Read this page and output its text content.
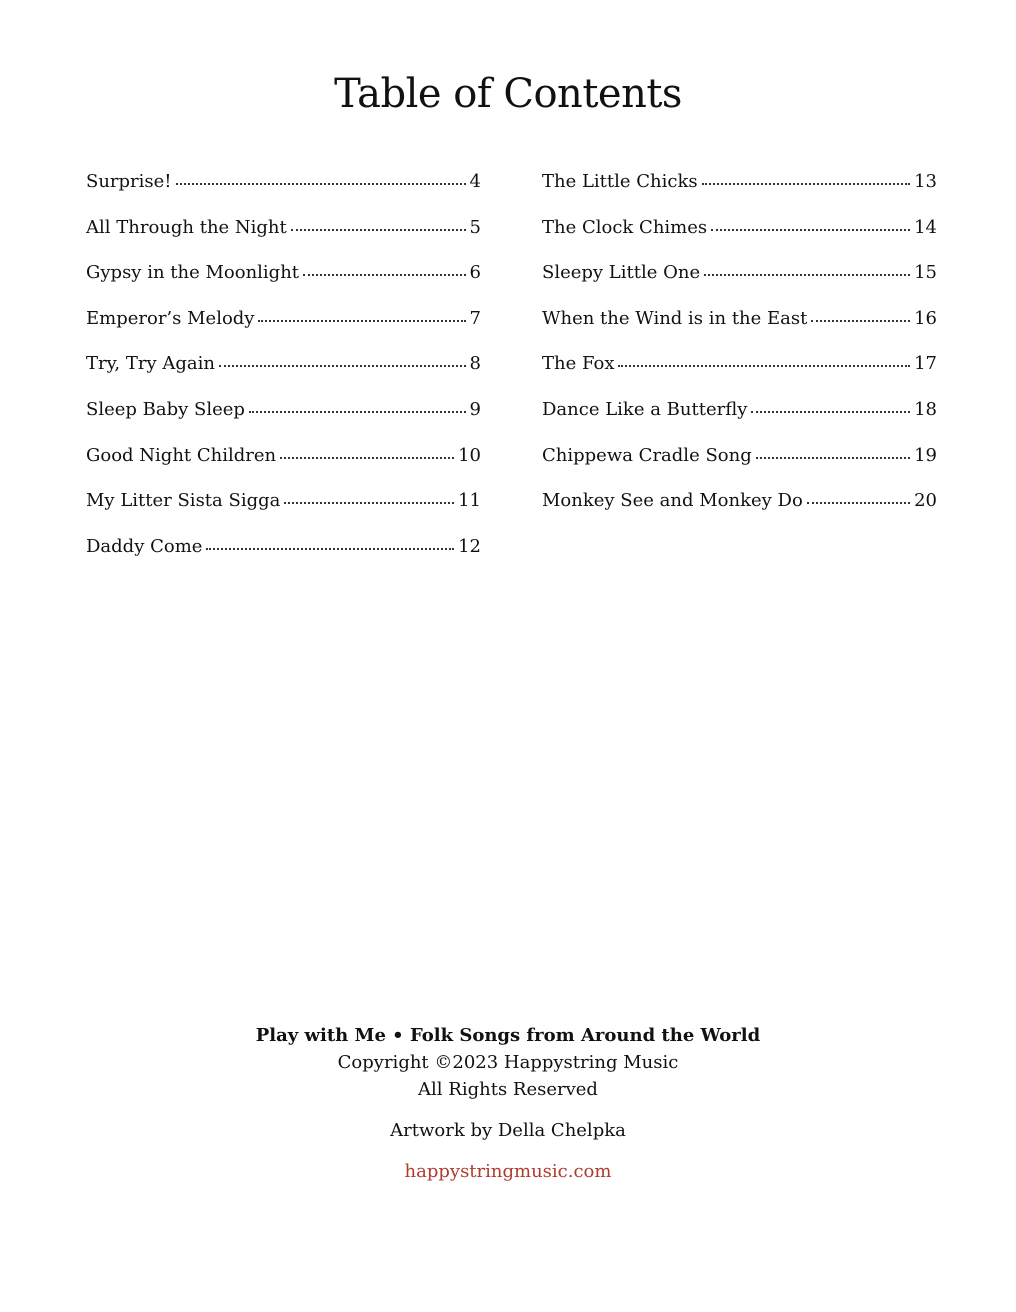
Table of Contents
Surprise!	4
All Through the Night	5
Gypsy in the Moonlight	6
Emperor’s Melody	7
Try, Try Again	8
Sleep Baby Sleep	9
Good Night Children	10
My Litter Sista Sigga	11
Daddy Come	12
The Little Chicks	13
The Clock Chimes	14
Sleepy Little One	15
When the Wind is in the East	16
The Fox	17
Dance Like a Butterfly	18
Chippewa Cradle Song	19
Monkey See and Monkey Do	20
Play with Me • Folk Songs from Around the World
Copyright ©2023 Happystring Music
All Rights Reserved
Artwork by Della Chelpka
happystringmusic.com
